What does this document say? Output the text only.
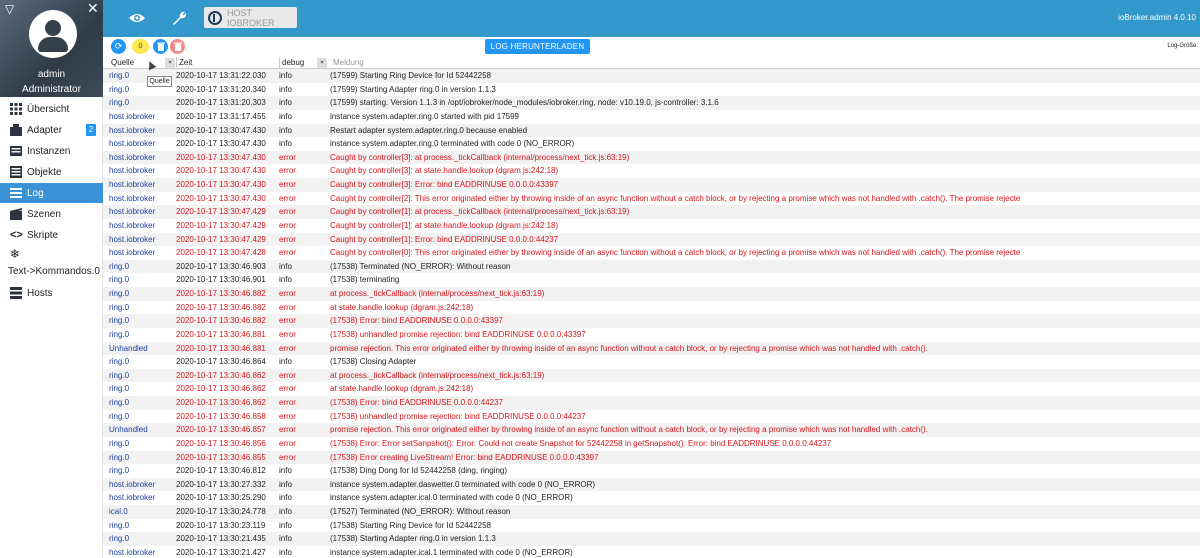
▽	✕
admin
Administrator
Übersicht
Adapter	2
Instanzen
Objekte
Log
Szenen
<> Skripte
❄
Text->Kommandos.0
Hosts
HOST IOBROKER	ioBroker.admin 4.0.10
⟳ 0	LOG HERUNTERLADEN	Log-Größe:
Quelle	▾ Zeit	debug	▾	Meldung
ring.0	2020-10-17 13:31:22.030	info	(17599) Starting Ring Device for Id 52442258
ring.0	2020-10-17 13:31:20.340	info	(17599) Starting Adapter ring.0 in version 1.1.3
ring.0	2020-10-17 13:31:20.303	info	(17599) starting. Version 1.1.3 in /opt/iobroker/node_modules/iobroker.ring, node: v10.19.0, js-controller: 3.1.6
host.iobroker	2020-10-17 13:31:17.455	info	instance system.adapter.ring.0 started with pid 17599
host.iobroker	2020-10-17 13:30:47.430	info	Restart adapter system.adapter.ring.0 because enabled
host.iobroker	2020-10-17 13:30:47.430	info	instance system.adapter.ring.0 terminated with code 0 (NO_ERROR)
host.iobroker	2020-10-17 13:30:47.430	error	Caught by controller[3]: at process._tickCallback (internal/process/next_tick.js:63:19)
host.iobroker	2020-10-17 13:30:47.430	error	Caught by controller[3]: at state.handle.lookup (dgram.js:242:18)
host.iobroker	2020-10-17 13:30:47.430	error	Caught by controller[3]: Error: bind EADDRINUSE 0.0.0.0:43397
host.iobroker	2020-10-17 13:30:47.430	error	Caught by controller[2]: This error originated either by throwing inside of an async function without a catch block, or by rejecting a promise which was not handled with .catch(). The promise rejecte
host.iobroker	2020-10-17 13:30:47.429	error	Caught by controller[1]: at process._tickCallback (internal/process/next_tick.js:63:19)
host.iobroker	2020-10-17 13:30:47.429	error	Caught by controller[1]: at state.handle.lookup (dgram.js:242:18)
host.iobroker	2020-10-17 13:30:47.429	error	Caught by controller[1]: Error: bind EADDRINUSE 0.0.0.0:44237
host.iobroker	2020-10-17 13:30:47.428	error	Caught by controller[0]: This error originated either by throwing inside of an async function without a catch block, or by rejecting a promise which was not handled with .catch(). The promise rejecte
ring.0	2020-10-17 13:30:46.903	info	(17538) Terminated (NO_ERROR): Without reason
ring.0	2020-10-17 13:30:46.901	info	(17538) terminating
ring.0	2020-10-17 13:30:46.882	error	at process._tickCallback (internal/process/next_tick.js:63:19)
ring.0	2020-10-17 13:30:46.882	error	at state.handle.lookup (dgram.js:242:18)
ring.0	2020-10-17 13:30:46.882	error	(17538) Error: bind EADDRINUSE 0.0.0.0:43397
ring.0	2020-10-17 13:30:46.881	error	(17538) unhandled promise rejection: bind EADDRINUSE 0.0.0.0:43397
Unhandled	2020-10-17 13:30:46.881	error	promise rejection. This error originated either by throwing inside of an async function without a catch block, or by rejecting a promise which was not handled with .catch().
ring.0	2020-10-17 13:30:46.864	info	(17538) Closing Adapter
ring.0	2020-10-17 13:30:46.862	error	at process._tickCallback (internal/process/next_tick.js:63:19)
ring.0	2020-10-17 13:30:46.862	error	at state.handle.lookup (dgram.js:242:18)
ring.0	2020-10-17 13:30:46.862	error	(17538) Error: bind EADDRINUSE 0.0.0.0:44237
ring.0	2020-10-17 13:30:46.858	error	(17538) unhandled promise rejection: bind EADDRINUSE 0.0.0.0:44237
Unhandled	2020-10-17 13:30:46.857	error	promise rejection. This error originated either by throwing inside of an async function without a catch block, or by rejecting a promise which was not handled with .catch().
ring.0	2020-10-17 13:30:46.856	error	(17538) Error: Error setSanpshot(): Error: Could not create Snapshot for 52442258 in getSnapshot(). Error: bind EADDRINUSE 0.0.0.0:44237
ring.0	2020-10-17 13:30:46.855	error	(17538) Error creating LiveStream! Error: bind EADDRINUSE 0.0.0.0:43397
ring.0	2020-10-17 13:30:46.812	info	(17538) Ding Dong for Id 52442258 (ding, ringing)
host.iobroker	2020-10-17 13:30:27.332	info	instance system.adapter.daswetter.0 terminated with code 0 (NO_ERROR)
host.iobroker	2020-10-17 13:30:25.290	info	instance system.adapter.ical.0 terminated with code 0 (NO_ERROR)
ical.0	2020-10-17 13:30:24.778	info	(17527) Terminated (NO_ERROR): Without reason
ring.0	2020-10-17 13:30:23.119	info	(17538) Starting Ring Device for Id 52442258
ring.0	2020-10-17 13:30:21.435	info	(17538) Starting Adapter ring.0 in version 1.1.3
host.iobroker	2020-10-17 13:30:21.427	info	instance system.adapter.ical.1 terminated with code 0 (NO_ERROR)
Quelle
